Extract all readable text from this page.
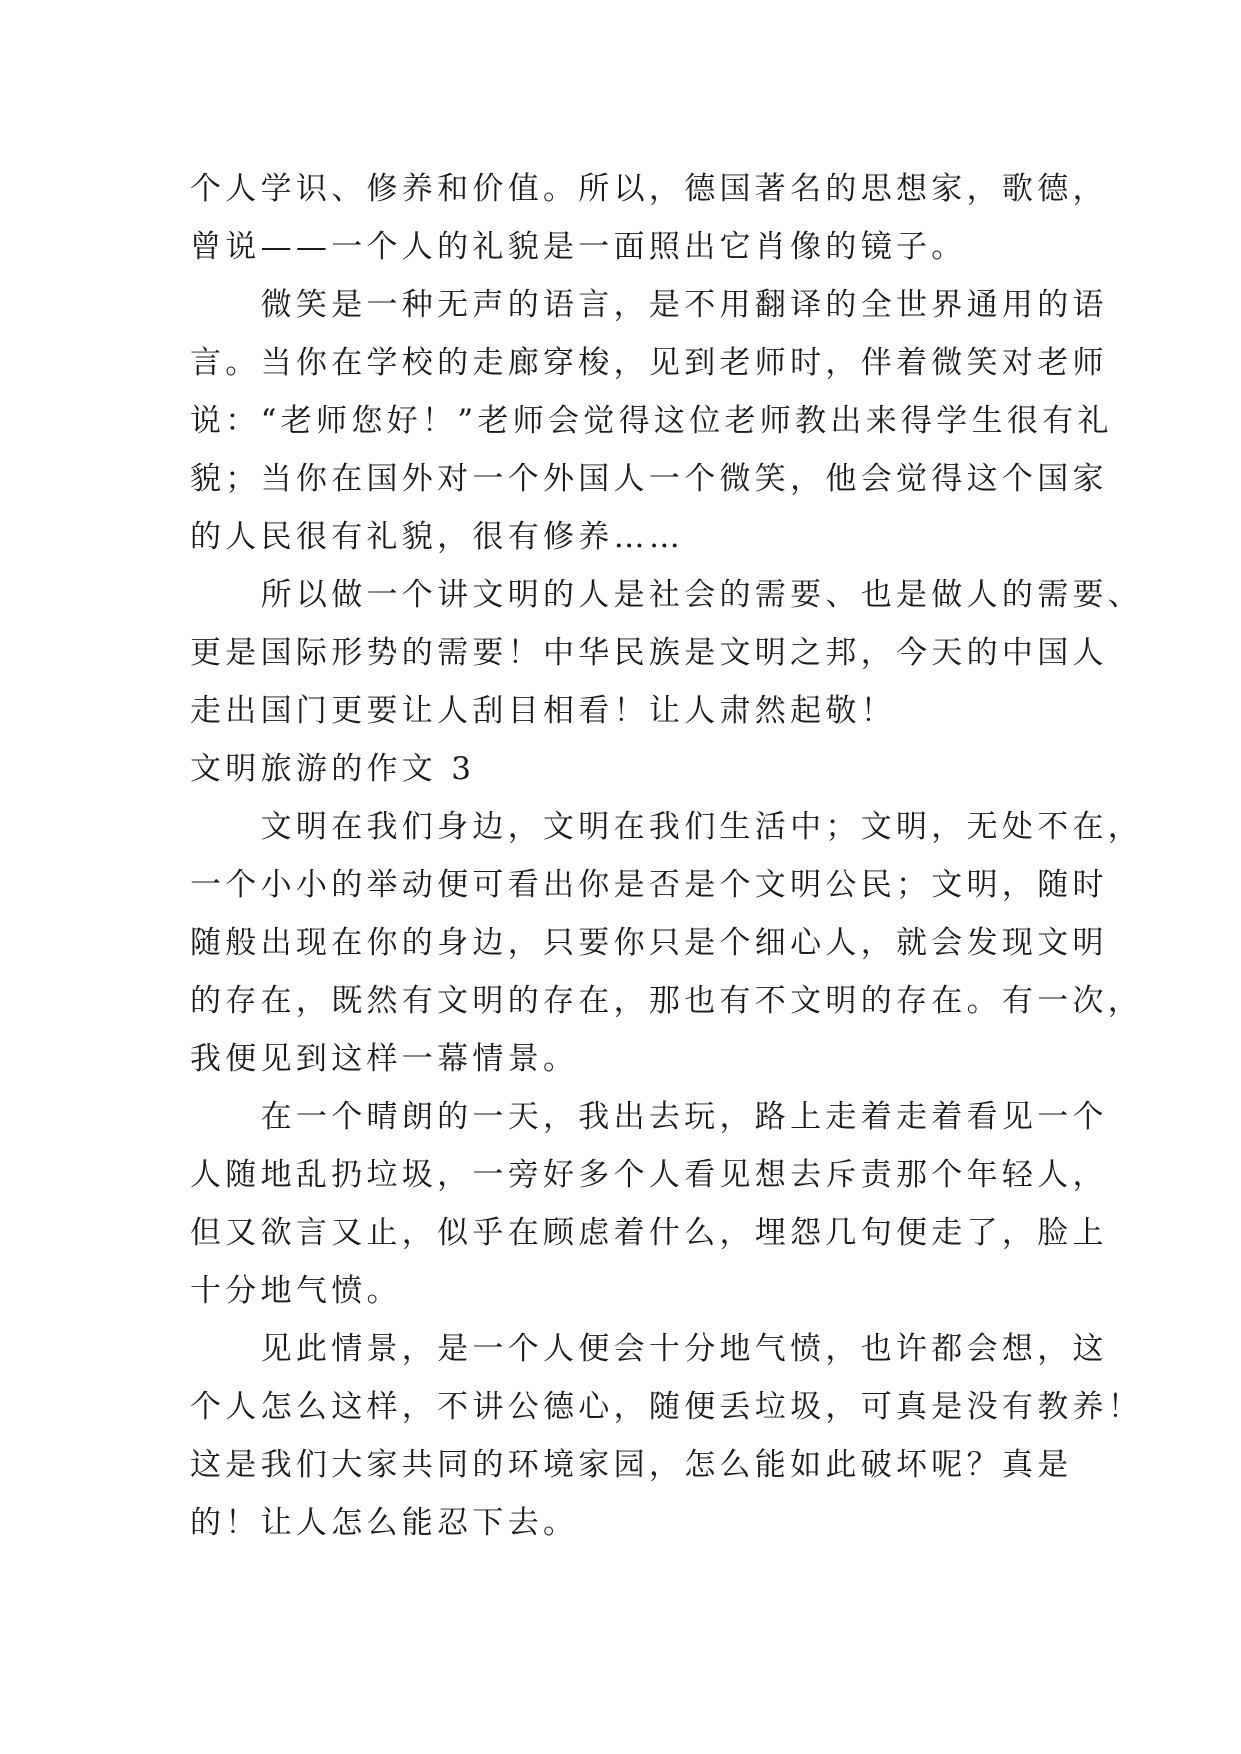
个人学识、修养和价值。所以，德国著名的思想家，歌德，
曾说——一个人的礼貌是一面照出它肖像的镜子。
　　微笑是一种无声的语言，是不用翻译的全世界通用的语
言。当你在学校的走廊穿梭，见到老师时，伴着微笑对老师
说：“老师您好！”老师会觉得这位老师教出来得学生很有礼
貌；当你在国外对一个外国人一个微笑，他会觉得这个国家
的人民很有礼貌，很有修养……
　　所以做一个讲文明的人是社会的需要、也是做人的需要、
更是国际形势的需要！中华民族是文明之邦，今天的中国人
走出国门更要让人刮目相看！让人肃然起敬！
文明旅游的作文 3
　　文明在我们身边，文明在我们生活中；文明，无处不在，
一个小小的举动便可看出你是否是个文明公民；文明，随时
随般出现在你的身边，只要你只是个细心人，就会发现文明
的存在，既然有文明的存在，那也有不文明的存在。有一次，
我便见到这样一幕情景。
　　在一个晴朗的一天，我出去玩，路上走着走着看见一个
人随地乱扔垃圾，一旁好多个人看见想去斥责那个年轻人，
但又欲言又止，似乎在顾虑着什么，埋怨几句便走了，脸上
十分地气愤。
　　见此情景，是一个人便会十分地气愤，也许都会想，这
个人怎么这样，不讲公德心，随便丢垃圾，可真是没有教养！
这是我们大家共同的环境家园，怎么能如此破坏呢？真是
的！让人怎么能忍下去。
